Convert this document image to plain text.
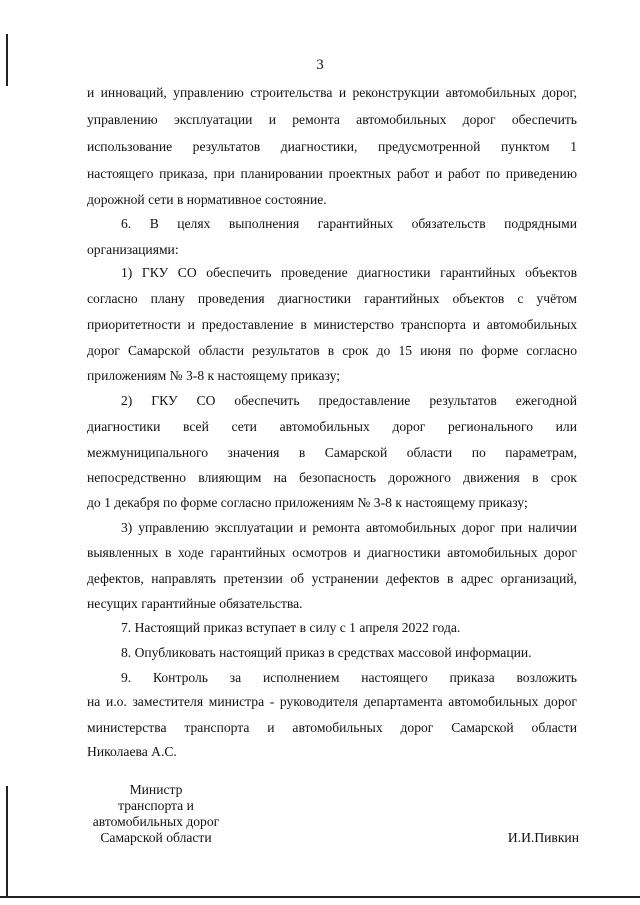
3
и инноваций, управлению строительства и реконструкции автомобильных дорог,
управлению эксплуатации и ремонта автомобильных дорог обеспечить
использование результатов диагностики, предусмотренной пунктом 1
настоящего приказа, при планировании проектных работ и работ по приведению
дорожной сети в нормативное состояние.
6. В целях выполнения гарантийных обязательств подрядными
организациями:
1) ГКУ СО обеспечить проведение диагностики гарантийных объектов
согласно плану проведения диагностики гарантийных объектов с учётом
приоритетности и предоставление в министерство транспорта и автомобильных
дорог Самарской области результатов в срок до 15 июня по форме согласно
приложениям № 3-8 к настоящему приказу;
2) ГКУ СО обеспечить предоставление результатов ежегодной
диагностики всей сети автомобильных дорог регионального или
межмуниципального значения в Самарской области по параметрам,
непосредственно влияющим на безопасность дорожного движения в срок
до 1 декабря по форме согласно приложениям № 3-8 к настоящему приказу;
3) управлению эксплуатации и ремонта автомобильных дорог при наличии
выявленных в ходе гарантийных осмотров и диагностики автомобильных дорог
дефектов, направлять претензии об устранении дефектов в адрес организаций,
несущих гарантийные обязательства.
7. Настоящий приказ вступает в силу с 1 апреля 2022 года.
8. Опубликовать настоящий приказ в средствах массовой информации.
9. Контроль за исполнением настоящего приказа возложить
на и.о. заместителя министра - руководителя департамента автомобильных дорог
министерства транспорта и автомобильных дорог Самарской области
Николаева А.С.
Министр
транспорта и
автомобильных дорог
Самарской области	И.И.Пивкин
